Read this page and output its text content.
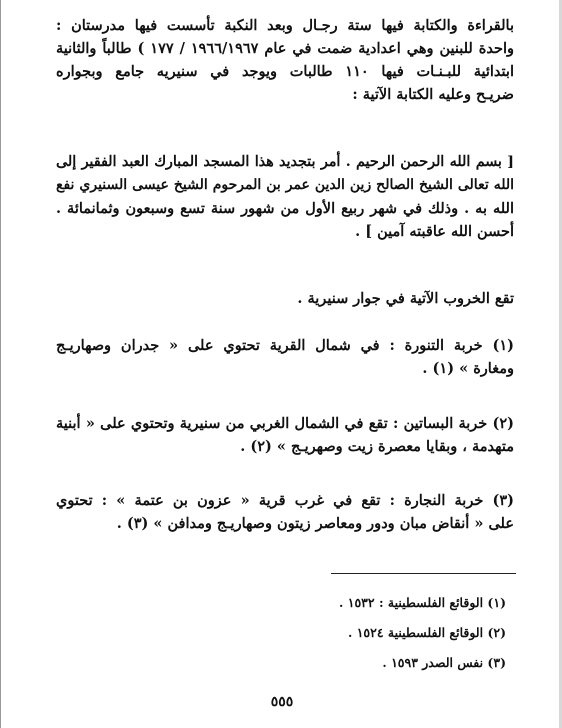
بالقراءة والكتابة فيها ستة رجـال وبعد النكبة تأسست فيها مدرستان :
واحدة للبنين وهي اعدادية ضمت في عام ١٩٦٦/١٩٦٧ / ١٧٧ ) طالباً والثانية
ابتدائية للبـنـات فيها ١١٠ طالبات ويوجد في سنيريه جامع وبجواره
ضريـح وعليه الكتابة الآتية :
[ بسم الله الرحمن الرحيم . أمر بتجديد هذا المسجد المبارك العبد الفقير إلى
الله تعالى الشيخ الصالح زين الدين عمر بن المرحوم الشيخ عيسى السنيري نفع
الله به . وذلك في شهر ربيع الأول من شهور سنة تسع وسبعون وثمانمائة .
أحسن الله عاقبته آمين ] .
تقع الخروب الآتية في جوار سنيرية .
(١) خربة التنورة : في شمال القرية تحتوي على « جدران وصهاريـج
ومغارة » (١) .
(٢) خربة البساتين : تقع في الشمال الغربي من سنيرية وتحتوي على « أبنية
متهدمة ، وبقايا معصرة زيت وصهريـج » (٢) .
(٣) خربة النجارة : تقع في غرب قرية « عزون بن عتمة » : تحتوي
على « أنقاض مبان ودور ومعاصر زيتون وصهاريـج ومدافن » (٣) .
(١) الوقائع الفلسطينية : ١٥٣٢ .
(٢) الوقائع الفلسطينية ١٥٢٤ .
(٣) نفس الصدر ١٥٩٣ .
٥٥٥
